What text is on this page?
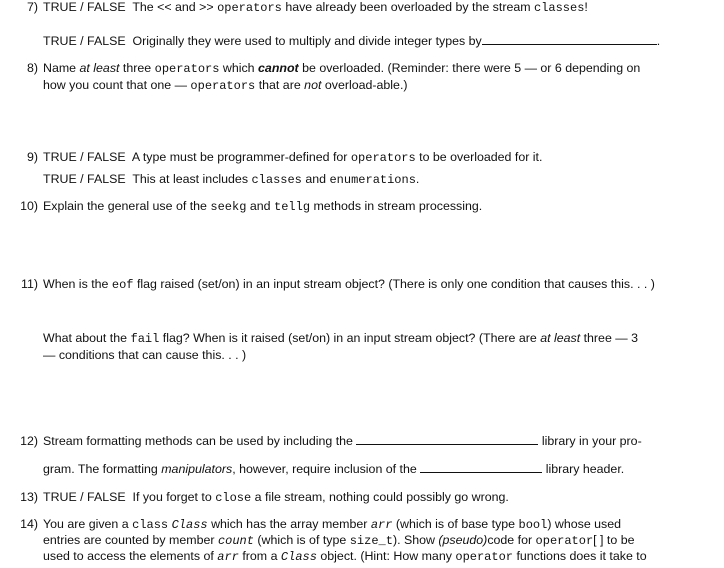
7) TRUE / FALSE The << and >> operators have already been overloaded by the stream classes!
TRUE / FALSE Originally they were used to multiply and divide integer types by	.
8) Name at least three operators which cannot be overloaded. (Reminder: there were 5 — or 6 depending on
how you count that one — operators that are not overload-able.)
9) TRUE / FALSE A type must be programmer-defined for operators to be overloaded for it.
TRUE / FALSE This at least includes classes and enumerations.
10) Explain the general use of the seekg and tellg methods in stream processing.
11) When is the eof flag raised (set/on) in an input stream object? (There is only one condition that causes this. . . )
What about the fail flag? When is it raised (set/on) in an input stream object? (There are at least three — 3
— conditions that can cause this. . . )
12) Stream formatting methods can be used by including the	library in your pro-
gram. The formatting manipulators, however, require inclusion of the	library header.
13) TRUE / FALSE If you forget to close a file stream, nothing could possibly go wrong.
14) You are given a class Class which has the array member arr (which is of base type bool) whose used
entries are counted by member count (which is of type size_t). Show (pseudo)code for operator[ ] to be
used to access the elements of arr from a Class object. (Hint: How many operator functions does it take to
